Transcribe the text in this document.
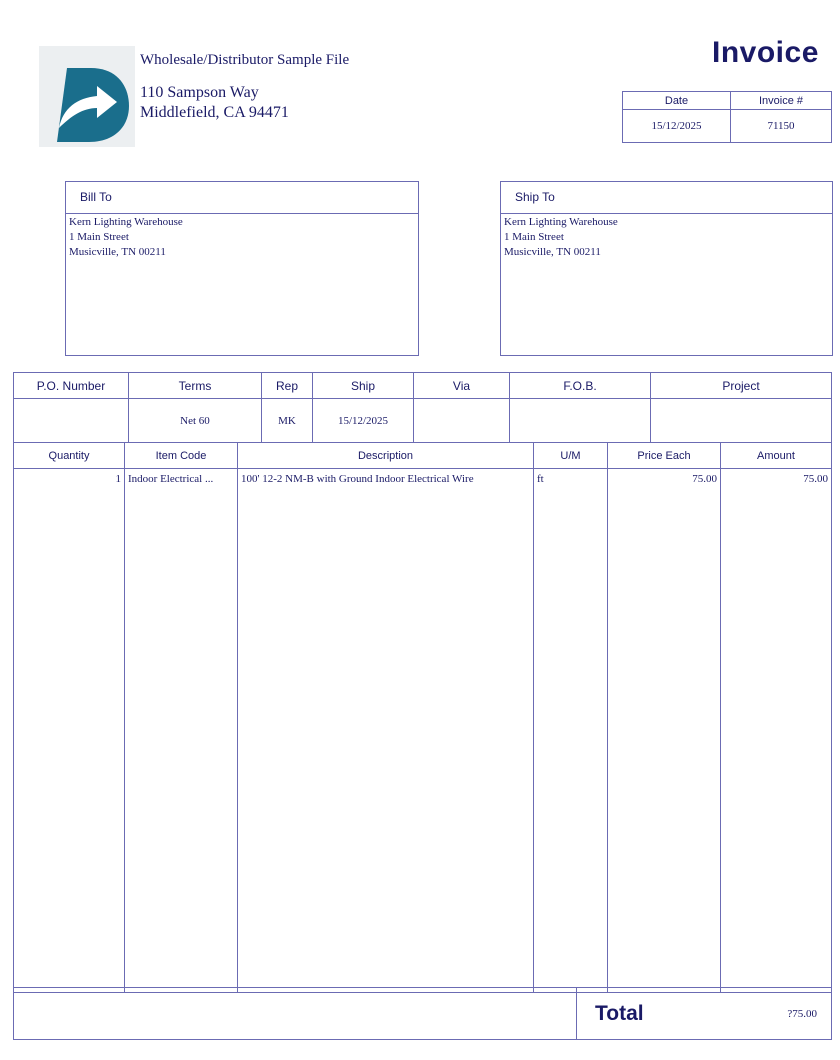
Wholesale/Distributor Sample File
110 Sampson Way
Middlefield, CA 94471
Invoice
Date	Invoice #
15/12/2025	71150
Bill To
Kern Lighting Warehouse
1 Main Street
Musicville, TN 00211
Ship To
Kern Lighting Warehouse
1 Main Street
Musicville, TN 00211
P.O. Number	Terms	Rep	Ship	Via	F.O.B.	Project
	Net 60	MK	15/12/2025			
Quantity	Item Code	Description	U/M	Price Each	Amount
1	Indoor Electrical ...	100' 12-2 NM-B with Ground Indoor Electrical Wire	ft	75.00	75.00
	Total	?75.00
